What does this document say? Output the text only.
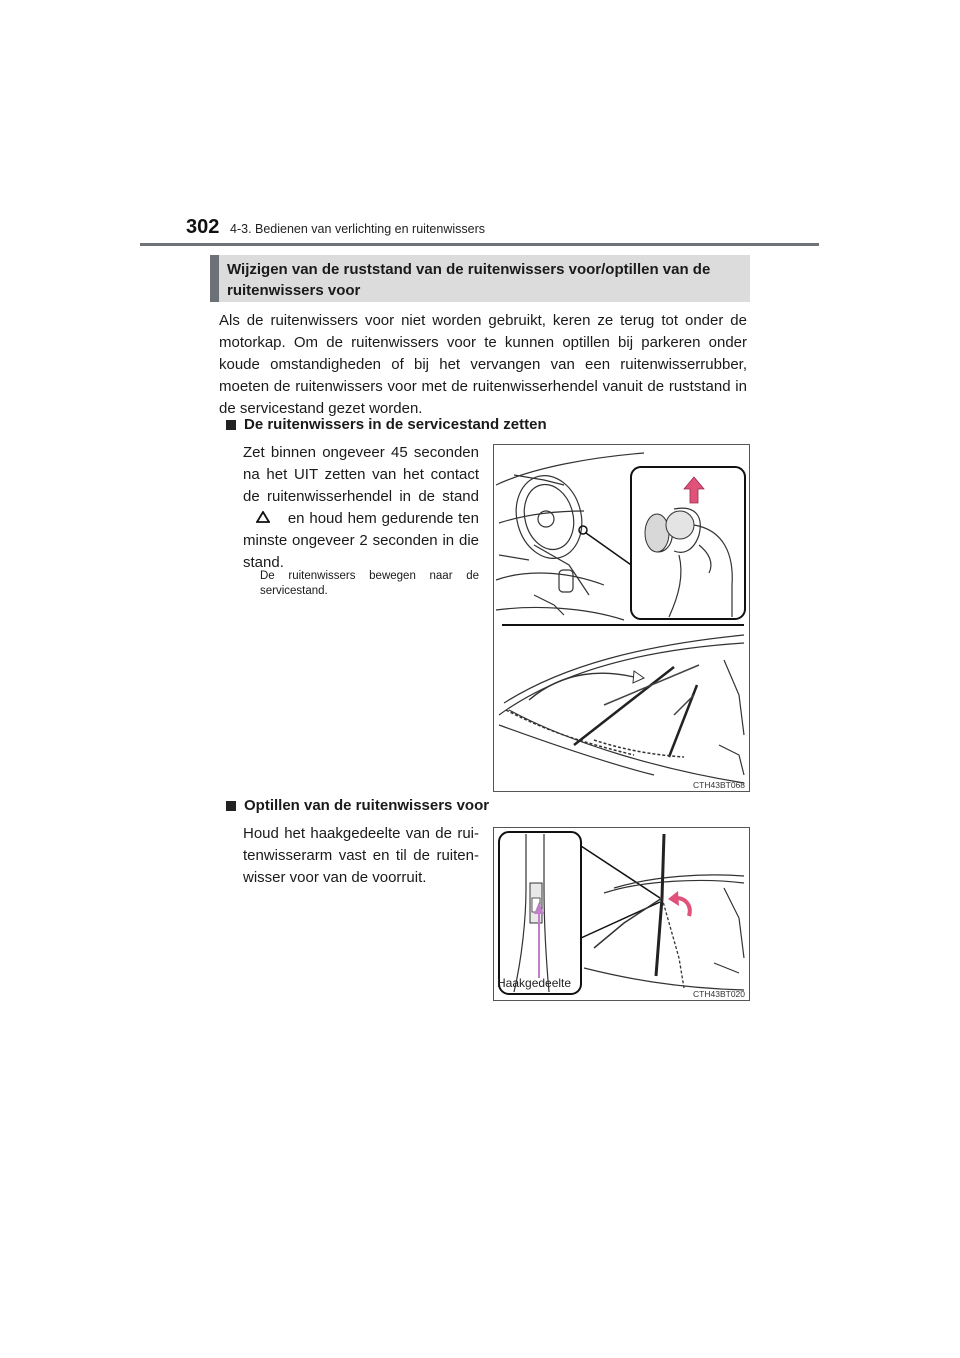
302 4-3. Bedienen van verlichting en ruitenwissers
Wijzigen van de ruststand van de ruitenwissers voor/optillen van de ruitenwissers voor

Als de ruitenwissers voor niet worden gebruikt, keren ze terug tot onder de motorkap. Om de ruitenwissers voor te kunnen optillen bij parkeren onder koude omstandigheden of bij het vervangen van een ruitenwisserrubber, moeten de ruitenwissers voor met de ruitenwisserhendel vanuit de ruststand in de servicestand gezet worden.

De ruitenwissers in de servicestand zetten

Zet binnen ongeveer 45 seconden na het UIT zetten van het contact de ruitenwisserhendel in de stand  en houd hem gedurende ten minste ongeveer 2 seconden in die stand.

De ruitenwissers bewegen naar de servicestand.

CTH43BT068
Optillen van de ruitenwissers voor

Houd het haakgedeelte van de rui-tenwisserarm vast en til de ruiten-wisser voor van de voorruit.

Haakgedeelte
CTH43BT020
